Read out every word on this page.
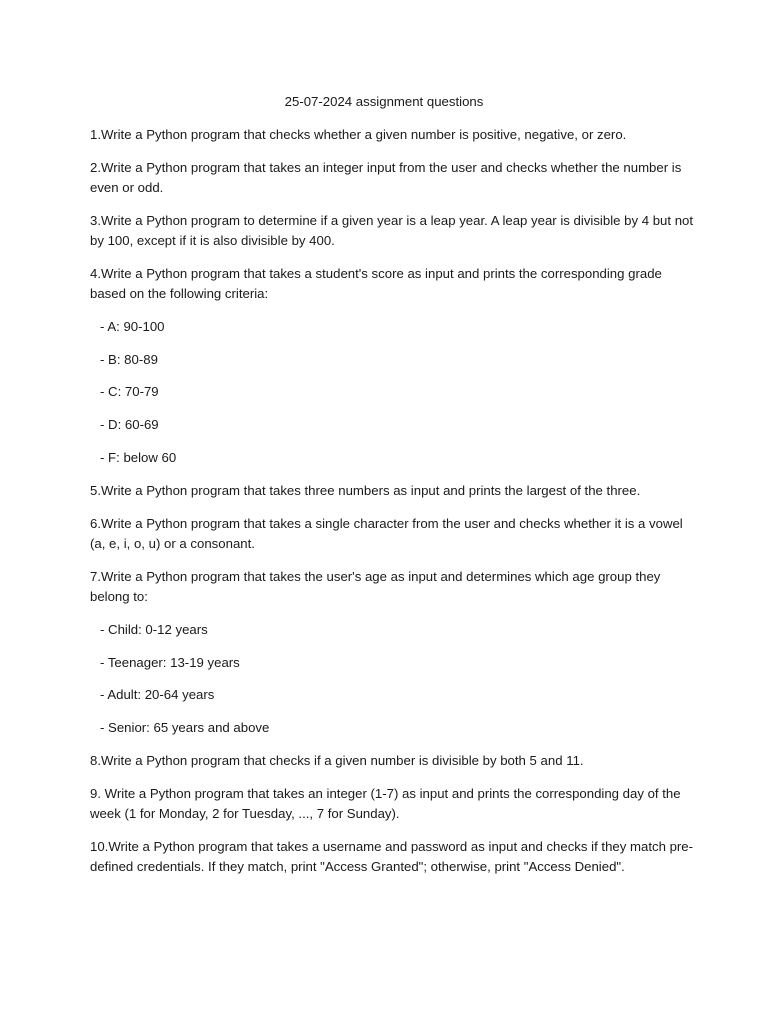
25-07-2024 assignment questions
1.Write a Python program that checks whether a given number is positive, negative, or zero.
2.Write a Python program that takes an integer input from the user and checks whether the number is
even or odd.
3.Write a Python program to determine if a given year is a leap year. A leap year is divisible by 4 but not
by 100, except if it is also divisible by 400.
4.Write a Python program that takes a student's score as input and prints the corresponding grade
based on the following criteria:
- A: 90-100
- B: 80-89
- C: 70-79
- D: 60-69
- F: below 60
5.Write a Python program that takes three numbers as input and prints the largest of the three.
6.Write a Python program that takes a single character from the user and checks whether it is a vowel
(a, e, i, o, u) or a consonant.
7.Write a Python program that takes the user's age as input and determines which age group they
belong to:
- Child: 0-12 years
- Teenager: 13-19 years
- Adult: 20-64 years
- Senior: 65 years and above
8.Write a Python program that checks if a given number is divisible by both 5 and 11.
9. Write a Python program that takes an integer (1-7) as input and prints the corresponding day of the
week (1 for Monday, 2 for Tuesday, ..., 7 for Sunday).
10.Write a Python program that takes a username and password as input and checks if they match pre-
defined credentials. If they match, print "Access Granted"; otherwise, print "Access Denied".
